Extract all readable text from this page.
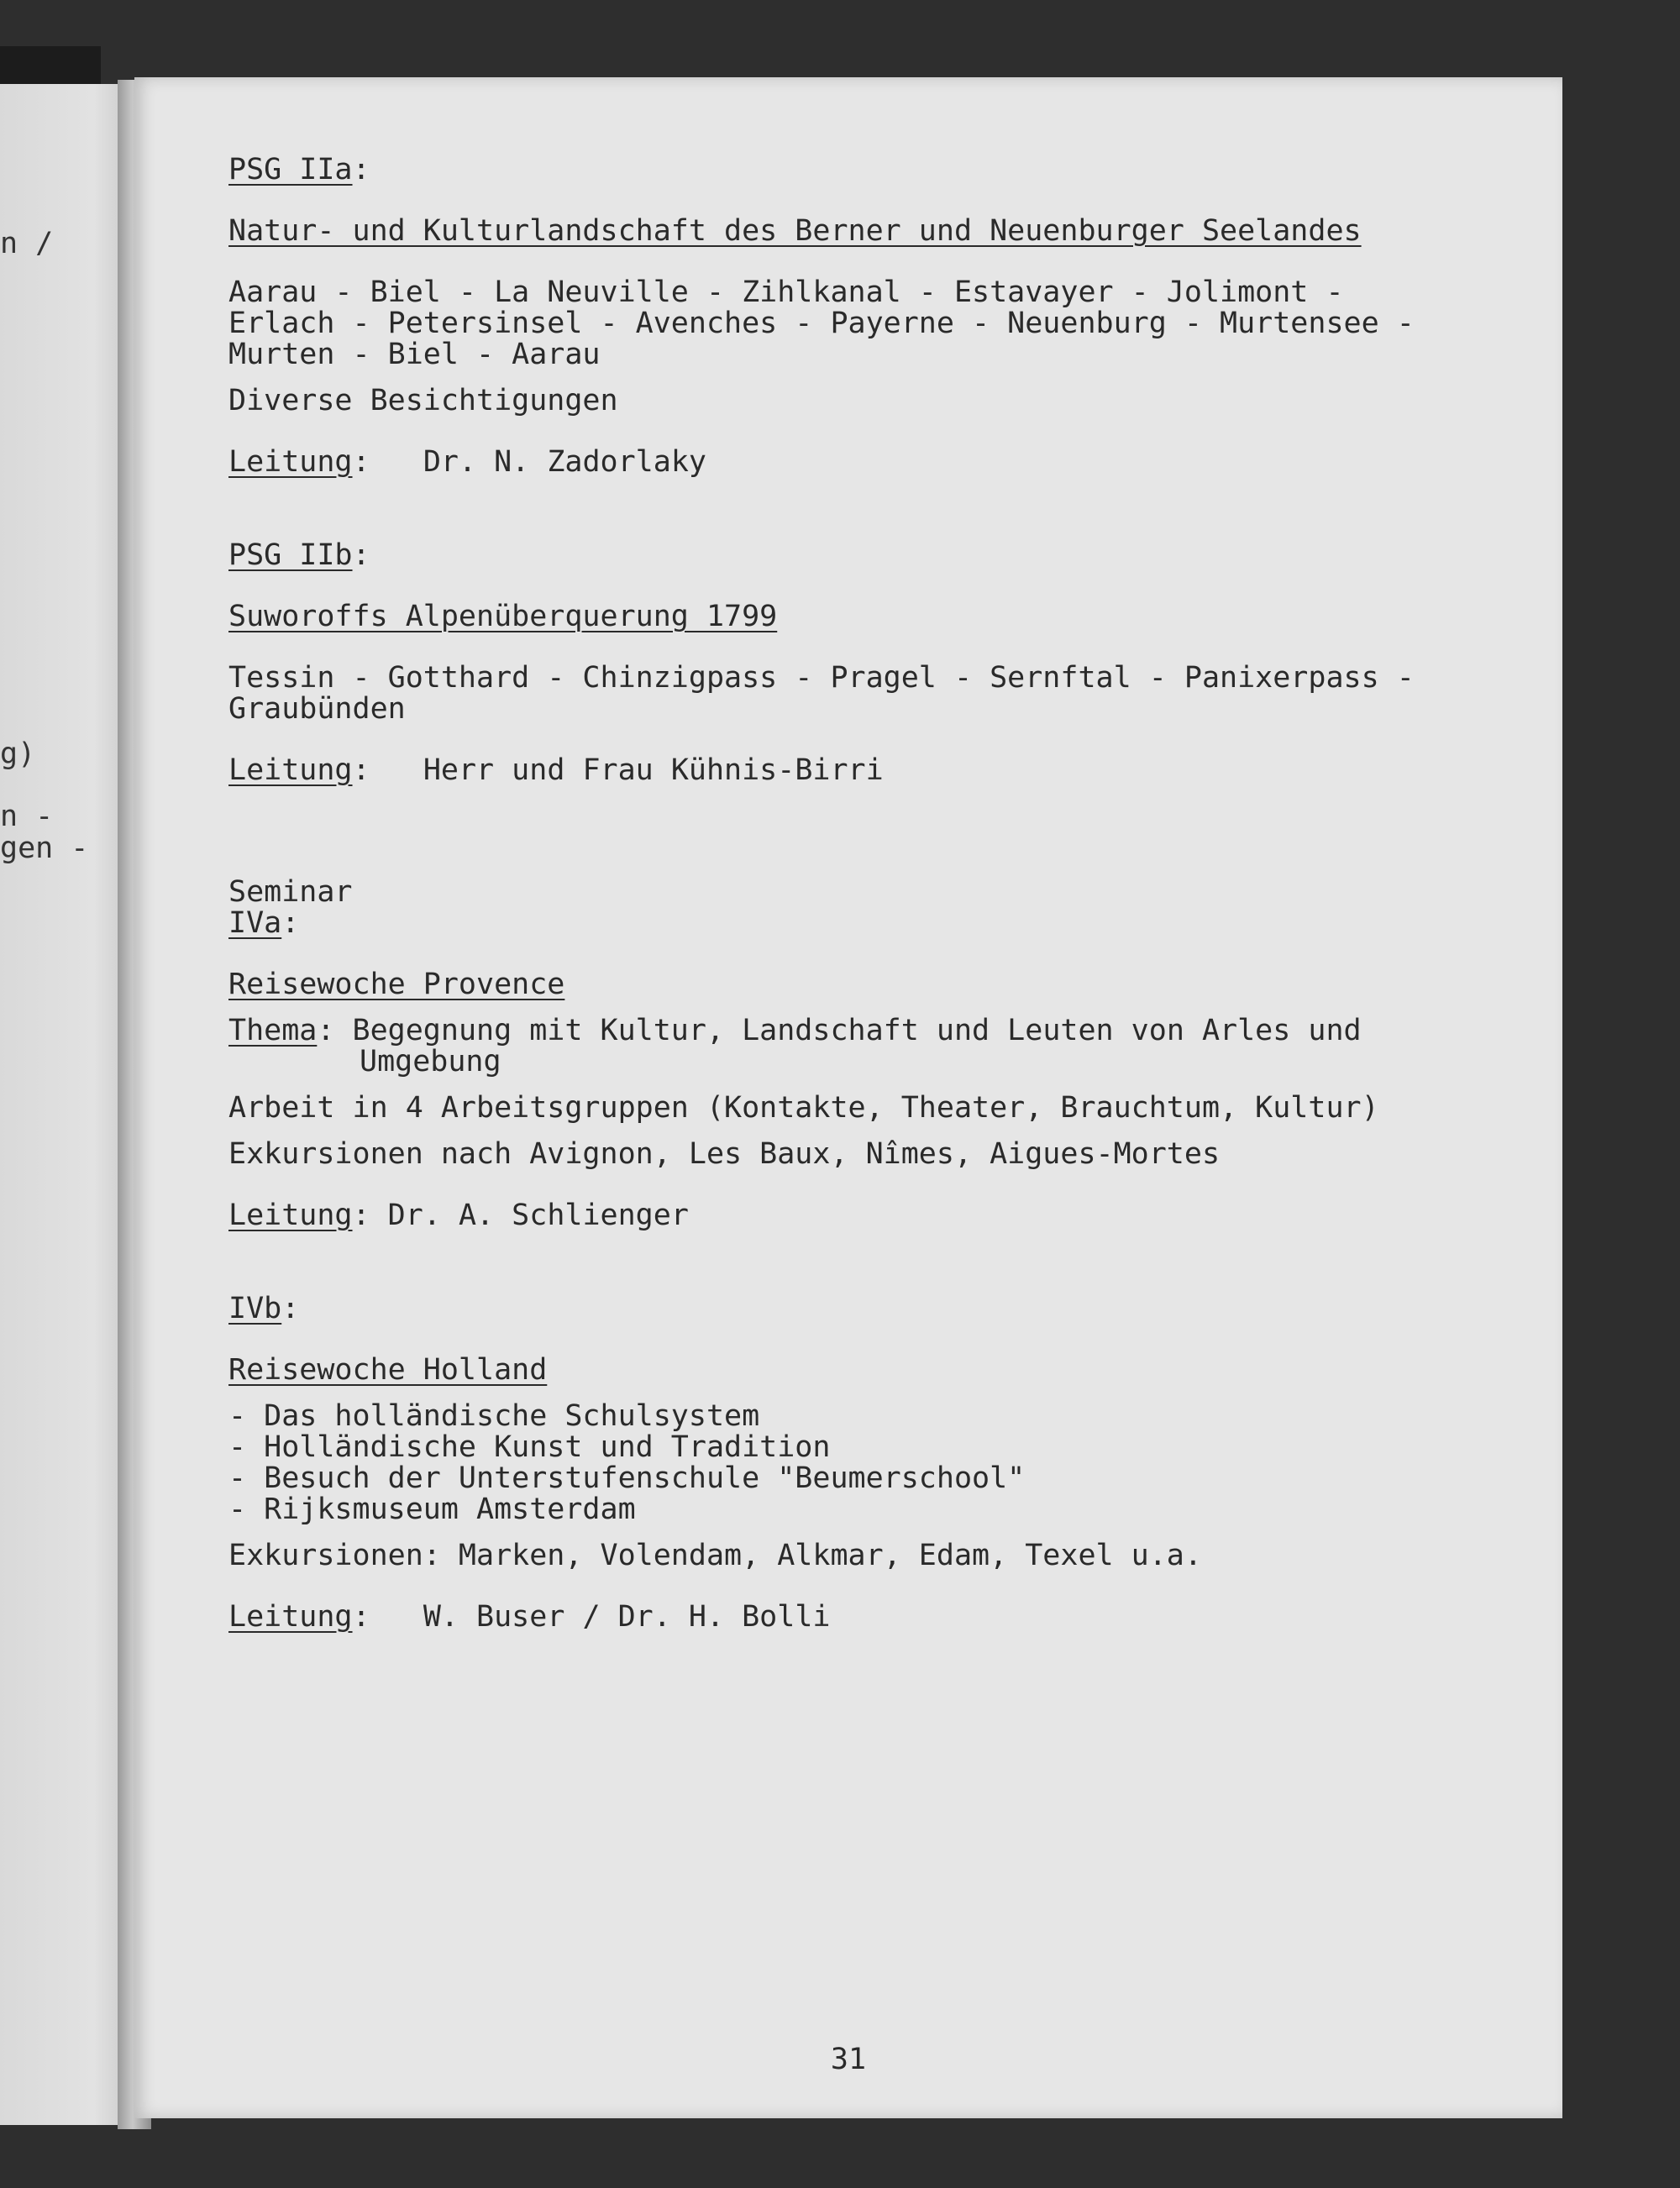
n /
g)
n -
gen -

PSG IIa:

Natur- und Kulturlandschaft des Berner und Neuenburger Seelandes

Aarau - Biel - La Neuville - Zihlkanal - Estavayer - Jolimont -

Erlach - Petersinsel - Avenches - Payerne - Neuenburg - Murtensee -

Murten - Biel - Aarau

Diverse Besichtigungen

Leitung:   Dr. N. Zadorlaky

PSG IIb:

Suworoffs Alpenüberquerung 1799

Tessin - Gotthard - Chinzigpass - Pragel - Sernftal - Panixerpass -

Graubünden

Leitung:   Herr und Frau Kühnis-Birri

Seminar

IVa:

Reisewoche Provence

Thema: Begegnung mit Kultur, Landschaft und Leuten von Arles und

Umgebung

Arbeit in 4 Arbeitsgruppen (Kontakte, Theater, Brauchtum, Kultur)

Exkursionen nach Avignon, Les Baux, Nîmes, Aigues-Mortes

Leitung: Dr. A. Schlienger

IVb:

Reisewoche Holland

- Das holländische Schulsystem

- Holländische Kunst und Tradition

- Besuch der Unterstufenschule "Beumerschool"

- Rijksmuseum Amsterdam

Exkursionen: Marken, Volendam, Alkmar, Edam, Texel u.a.

Leitung:   W. Buser / Dr. H. Bolli

31
